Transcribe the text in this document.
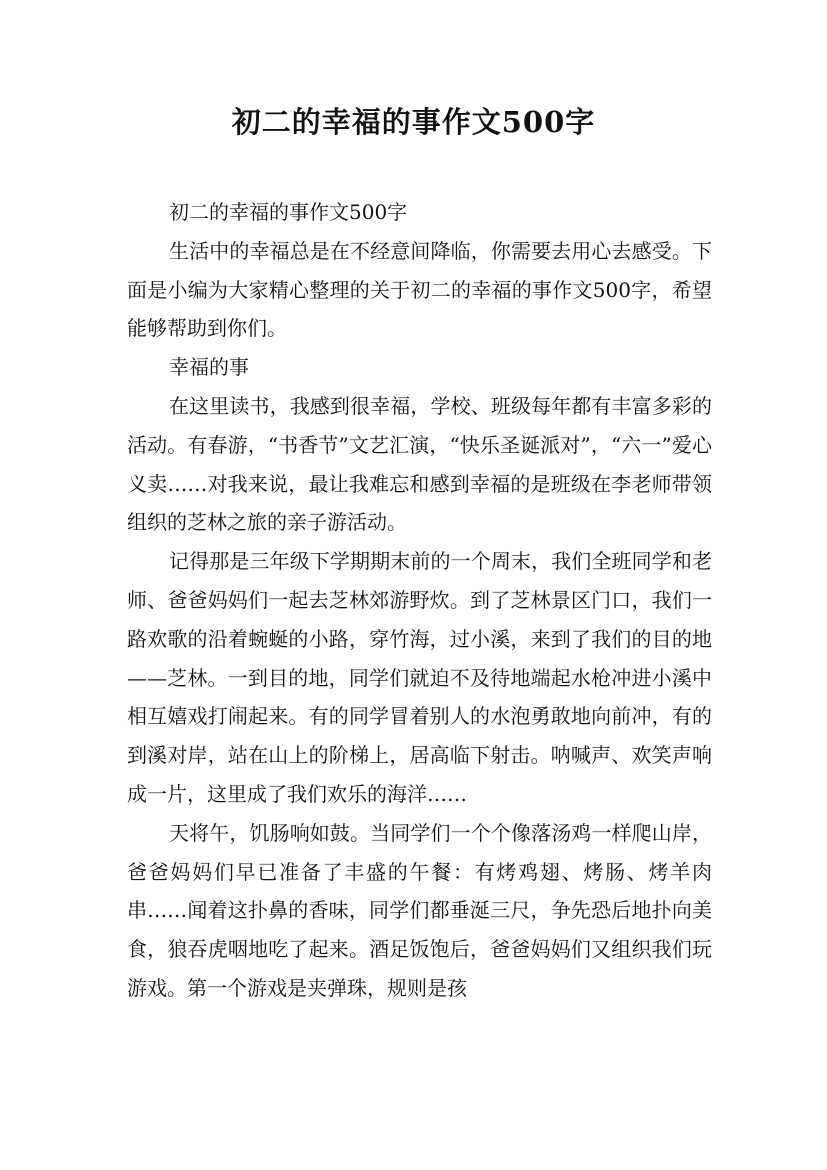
初二的幸福的事作文500字

初二的幸福的事作文500字

生活中的幸福总是在不经意间降临，你需要去用心去感受。下面是小编为大家精心整理的关于初二的幸福的事作文500字，希望能够帮助到你们。

幸福的事

在这里读书，我感到很幸福，学校、班级每年都有丰富多彩的活动。有春游，“书香节”文艺汇演，“快乐圣诞派对”，“六一”爱心义卖……对我来说，最让我难忘和感到幸福的是班级在李老师带领组织的芝林之旅的亲子游活动。

记得那是三年级下学期期末前的一个周末，我们全班同学和老师、爸爸妈妈们一起去芝林郊游野炊。到了芝林景区门口，我们一路欢歌的沿着蜿蜒的小路，穿竹海，过小溪，来到了我们的目的地——芝林。一到目的地，同学们就迫不及待地端起水枪冲进小溪中相互嬉戏打闹起来。有的同学冒着别人的水泡勇敢地向前冲，有的到溪对岸，站在山上的阶梯上，居高临下射击。呐喊声、欢笑声响成一片，这里成了我们欢乐的海洋……

天将午，饥肠响如鼓。当同学们一个个像落汤鸡一样爬山岸，爸爸妈妈们早已准备了丰盛的午餐：有烤鸡翅、烤肠、烤羊肉串……闻着这扑鼻的香味，同学们都垂涎三尺，争先恐后地扑向美食，狼吞虎咽地吃了起来。酒足饭饱后，爸爸妈妈们又组织我们玩游戏。第一个游戏是夹弹珠，规则是孩
